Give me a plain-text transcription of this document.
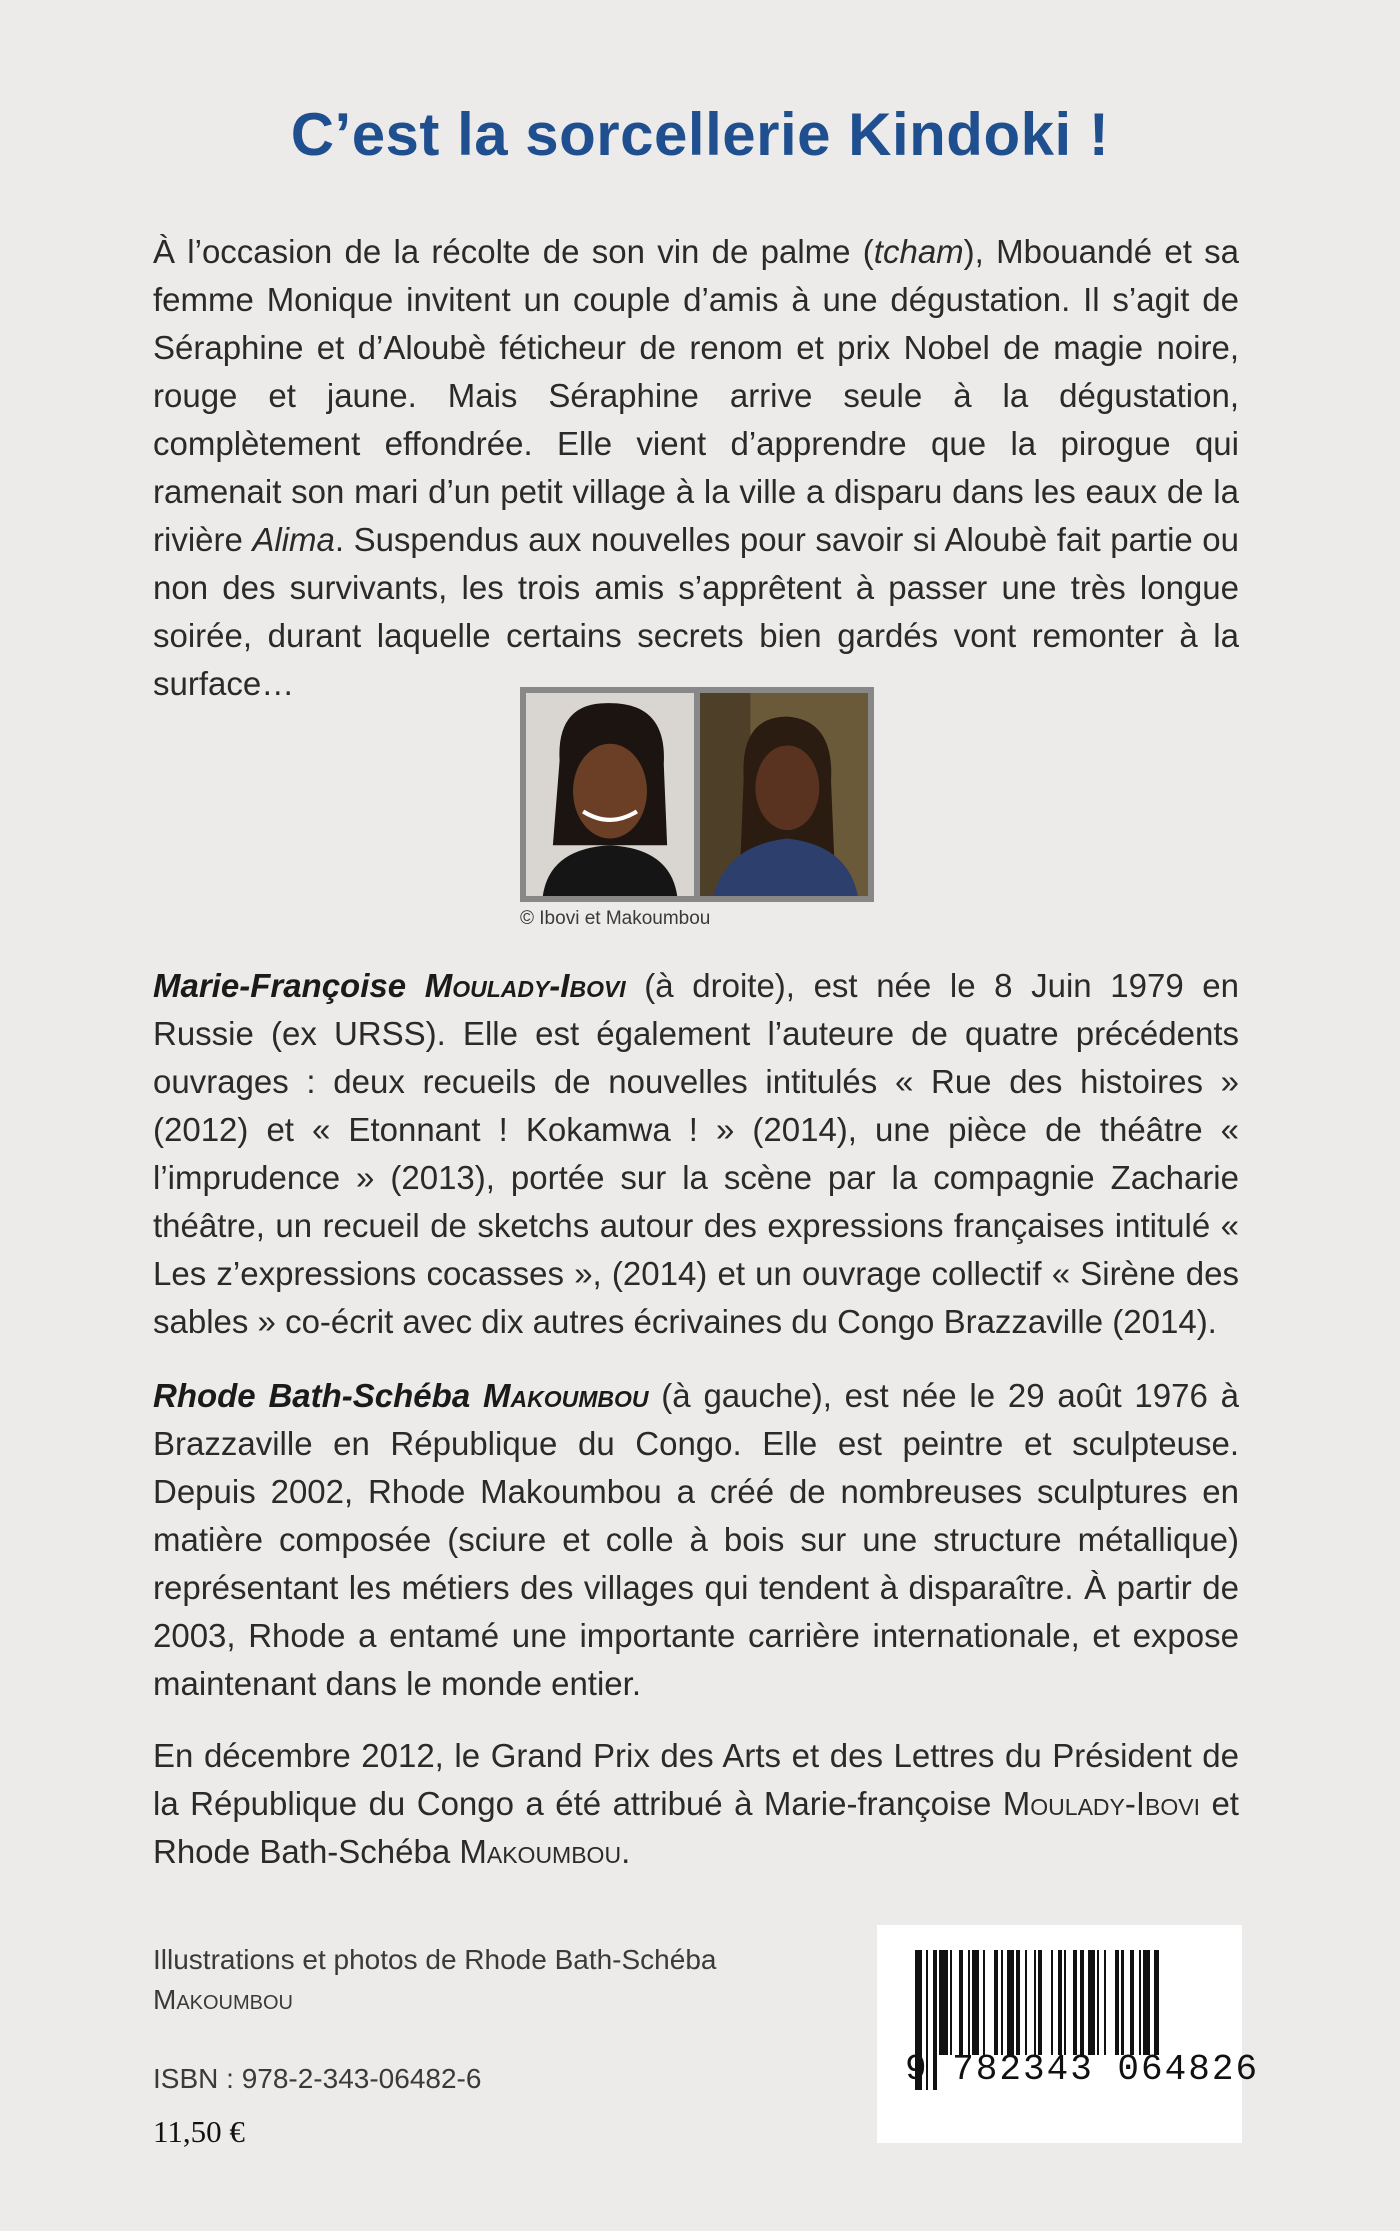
C’est la sorcellerie Kindoki !

À l’occasion de la récolte de son vin de palme (tcham), Mbouandé et sa femme Monique invitent un couple d’amis à une dégustation. Il s’agit de Séraphine et d’Aloubè féticheur de renom et prix Nobel de magie noire, rouge et jaune. Mais Séraphine arrive seule à la dégustation, complètement effondrée. Elle vient d’apprendre que la pirogue qui ramenait son mari d’un petit village à la ville a disparu dans les eaux de la rivière Alima. Suspendus aux nouvelles pour savoir si Aloubè fait partie ou non des survivants, les trois amis s’apprêtent à passer une très longue soirée, durant laquelle certains secrets bien gardés vont remonter à la surface…

© Ibovi et Makoumbou

Marie-Françoise Moulady-Ibovi (à droite), est née le 8 Juin 1979 en Russie (ex URSS). Elle est également l’auteure de quatre précédents ouvrages : deux recueils de nouvelles intitulés « Rue des histoires » (2012) et « Etonnant ! Kokamwa ! » (2014), une pièce de théâtre « l’imprudence » (2013), portée sur la scène par la compagnie Zacharie théâtre, un recueil de sketchs autour des expressions françaises intitulé « Les z’expressions cocasses », (2014) et un ouvrage collectif « Sirène des sables » co-écrit avec dix autres écrivaines du Congo Brazzaville (2014).

Rhode Bath-Schéba Makoumbou (à gauche), est née le 29 août 1976 à Brazzaville en République du Congo. Elle est peintre et sculpteuse. Depuis 2002, Rhode Makoumbou a créé de nombreuses sculptures en matière composée (sciure et colle à bois sur une structure métallique) représentant les métiers des villages qui tendent à disparaître. À partir de 2003, Rhode a entamé une importante carrière internationale, et expose maintenant dans le monde entier.

En décembre 2012, le Grand Prix des Arts et des Lettres du Président de la République du Congo a été attribué à Marie-françoise Moulady-Ibovi et Rhode Bath-Schéba Makoumbou.

Illustrations et photos de Rhode Bath-Schéba
Makoumbou
ISBN : 978-2-343-06482-6
11,50 €
9 782343 064826
